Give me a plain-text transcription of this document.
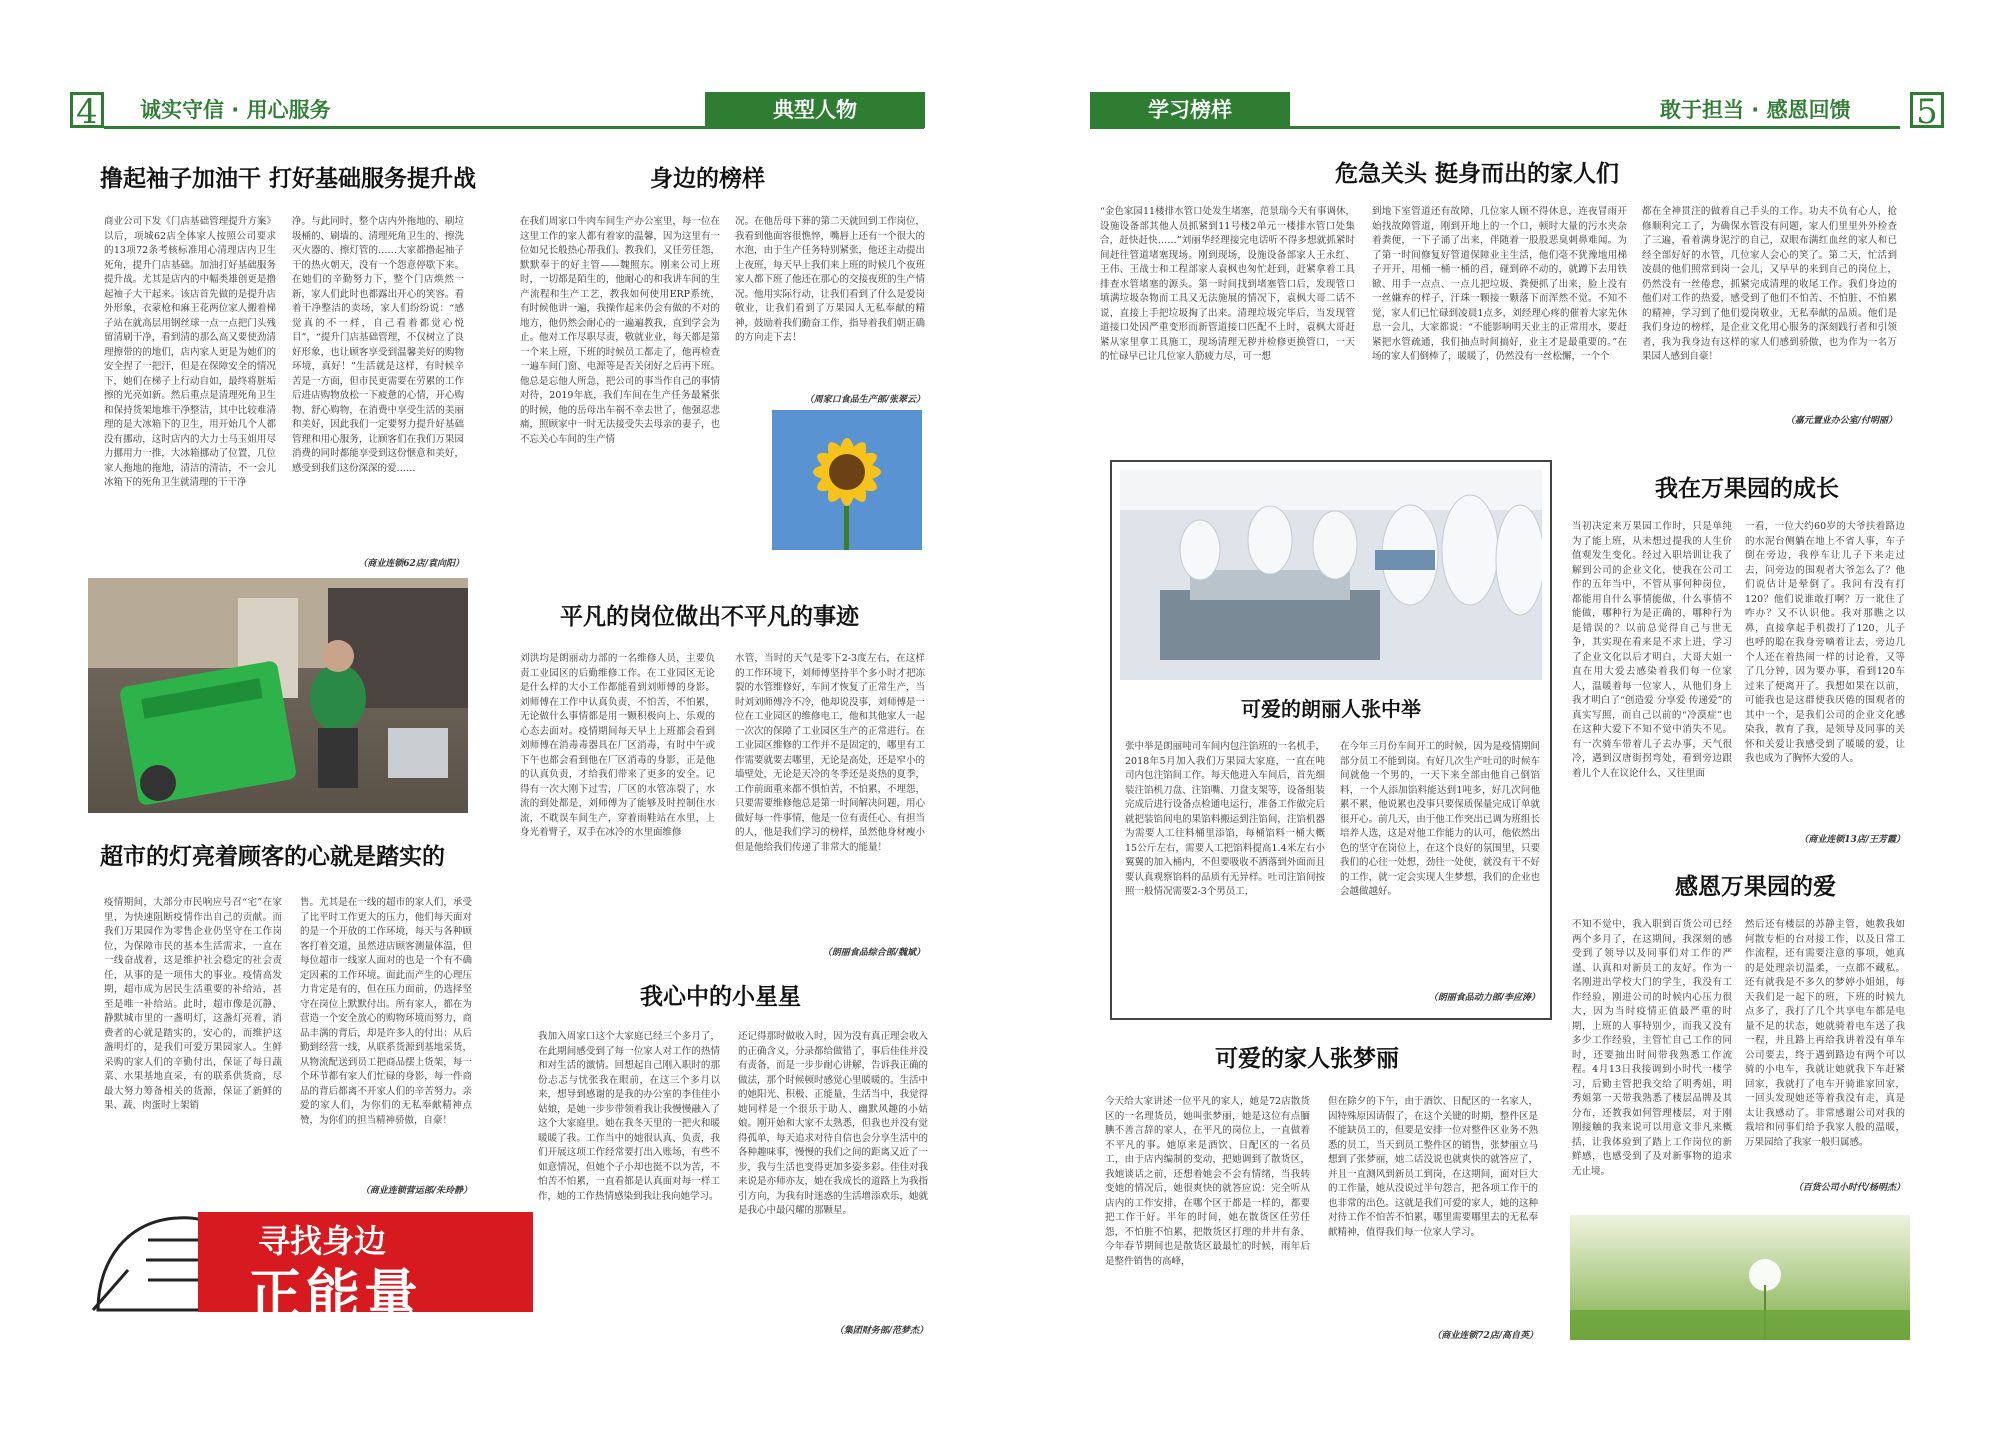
4 诚实守信 · 用心服务	典型人物
撸起袖子加油干 打好基础服务提升战
商业公司下发《门店基础管理提升方案》以后，项城62店全体家人按照公司要求的13项72条考核标准用心清理店内卫生死角，提升门店基础。加油打好基础服务提升战。尤其是店内的中幅类雄创更是撸起袖子大干起来。该店首先做的是提升店外形象，衣蒙枪和麻王花两位家人搬着梯子站在就高层用钢丝球一点一点把门头残留清刷干净，看到清的那么高又要使劲清理擦带的的地们，店内家人更是为她们的安全捏了一把汗，但是在保障安全的情况下，她们在梯子上行动自如，最终将脏垢擦的光亮如新。然后重点是清理死角卫生和保持货架地堆干净整洁，其中比较难清理的是大冰箱下的卫生，用开始几个人都没有挪动，这时店内的大力士马玉姐用尽力挪用力一推，大冰箱挪动了位置，几位家人拖地的拖地，清洁的清洁，不一会儿冰箱下的死角卫生就清理的干干净
净。与此同时，整个店内外拖地的、刷垃圾桶的、刷墙的、清理死角卫生的、擦洗灭火器的、擦灯管的……大家都撸起袖子干的热火朝天，没有一个怨意停歇下来。在她们的辛勤努力下，整个门店焕然一新，家人们此时也都露出开心的笑容。看着干净整洁的卖场，家人们纷纷说：“感觉真的不一样，自己看着都觉心悦目”，“提升门店基础管理，不仅树立了良好形象，也让顾客享受到温馨美好的购物环境，真好！”生活就是这样，有时候辛苦是一方面，但市民更需要在劳累的工作后进店购物放松一下疲惫的心情，开心购物、舒心购物，在消费中享受生活的美丽和美好，因此我们一定要努力提升好基础管理和用心服务，让顾客们在我们万果园消费的同时都能享受到这份惬意和美好，感受到我们这份深深的爱……
（商业连锁62店/袁向阳）
超市的灯亮着顾客的心就是踏实的
疫情期间，大部分市民响应号召“宅”在家里，为快速阻断疫情作出自己的贡献。而我们万果园作为零售企业仍坚守在工作岗位，为保障市民的基本生活需求，一直在一线奋战着，这是维护社会稳定的社会责任，从事的是一项伟大的事业。疫情高发期，超市成为居民生活重要的补给站，甚至是唯一补给站。此时，超市像是沉静、静默城市里的一盏明灯，这盏灯亮着，消费者的心就是踏实的，安心的，而维护这盏明灯的，是我们可爱万果园家人。生鲜采购的家人们的辛勤付出，保证了每日蔬菜、水果基地直采，有的联系供货商，尽最大努力筹备相关的货源，保证了新鲜的果、蔬、肉蛋时上架销
售。尤其是在一线的超市的家人们，承受了比平时工作更大的压力，他们每天面对的是一个开放的工作环境，每天与各种顾客打着交道，虽然进店顾客测量体温，但每位超市一线家人面对的也是一个有不确定因素的工作环境。面此而产生的心理压力肯定是有的，但在压力面前，仍选择坚守在岗位上默默付出。所有家人，都在为营造一个安全放心的购物环境而努力，商品丰满的背后，却是许多人的付出：从后勤到经营一线，从联系货源到基地采货，从物流配送到员工把商品摆上货架，每一个环节都有家人们忙碌的身影，每一件商品的背后都离不开家人们的辛苦努力。亲爱的家人们，为你们的无私奉献精神点赞，为你们的担当精神骄傲，自豪！
（商业连锁营运部/朱玲静）
寻找身边
正能量
身边的榜样
在我们周家口牛肉车间生产办公室里，每一位在这里工作的家人都有着家的温馨，因为这里有一位如兄长般热心帮我们、教我们，又任劳任怨，默默奉于的好主管——魏照东。刚来公司上班时，一切都是陌生的，他耐心的和我讲车间的生产流程和生产工艺，教我如何使用ERP系统，有时候他讲一遍，我操作起来仍会有做的不对的地方，他仍然会耐心的一遍遍教我，直到学会为止。他对工作尽职尽责，敬就业业，每天都是第一个来上班，下班的时候员工都走了，他再检查一遍车间门窗、电源等是否关闭好之后再下班。他总是忘他人所急，把公司的事当作自己的事情对待，2019年底，我们车间在生产任务最紧张的时候，他的岳母出车祸不幸去世了，他强忍悲痛，照顾家中一时无法接受失去母亲的妻子，也不忘关心车间的生产情
况。在他岳母下葬的第二天就回到工作岗位，我看到他面容很憔悴，嘴唇上还有一个很大的水泡，由于生产任务特别紧张，他还主动提出上夜班，每天早上我们来上班的时候几个夜班家人都下班了他还在那心的交接夜班的生产情况。他用实际行动，让我们看到了什么是爱岗敬业，让我们看到了万果园人无私奉献的精神，鼓励着我们勤奋工作，指导着我们朝正确的方向走下去！
（周家口食品生产部/张翠云）
平凡的岗位做出不平凡的事迹
刘洪均是朗丽动力部的一名维修人员，主要负责工业园区的后勤维修工作。在工业园区无论是什么样的大小工作都能看到刘师傅的身影。刘师傅在工作中认真负责，不怕苦，不怕累，无论做什么事情都是用一颗积极向上、乐观的心态去面对。疫情期间每天早上上班都会看到刘师傅在消毒毒器具在厂区消毒，有时中午或下午也都会看到他在厂区消毒的身影，正是他的认真负责，才给我们带来了更多的安全。记得有一次大刚下过雪，厂区的水管冻裂了，水流的到处都是，刘师傅为了能够及时控制住水流，不耽误车间生产，穿着雨鞋站在水里，上身光着臂子，双手在冰冷的水里面维修
水管，当时的天气是零下2-3度左右，在这样的工作环境下，刘师傅坚持半个多小时才把冻裂的水管维修好，车间才恢复了正常生产，当时刘刘师傅冷不冷，他却说没事，刘师傅是一位在工业园区的维修电工，他和其他家人一起一次次的保障了工业园区生产的正常进行。在工业园区维修的工作并不是固定的，哪里有工作需要就要去哪里，无论是高处，还是窄小的墙壁处，无论是天冷的冬季还是炎热的夏季，工作前面重来都不惧怕苦，不怕累，不埋怨，只要需要维修他总是第一时间解决问题，用心做好每一件事情，他是一位有责任心、有担当的人，他是我们学习的榜样，虽然他身材瘦小但是他给我们传递了非常大的能量！
（朗丽食品综合部/魏斌）
我心中的小星星
我加入周家口这个大家庭已经三个多月了，在此期间感受到了每一位家人对工作的热情和对生活的激情。回想起自己刚入职时的那份忐忑与忧张我在眼前，在这三个多月以来，想导到感谢的是我的办公室的李佳佳小姑娘，是她一步步带领着我让我慢慢融入了这个大家庭里。她在我冬天里的一把火和暖暖暖了我。工作当中的她很认真、负责，我们开展这项工作经常要打出入账场，有些不如意情况，但她个子小却也挺不以为苦，不怕苦不怕累，一直看都是认真面对每一样工作，她的工作热情感染到我让我向她学习。
还记得那时做收入时，因为没有真正理会收入的正确含义，分录都给做错了，事后佳佳并没有责备，而是一步步耐心讲解，告诉我正确的做法，那个时候顿时感觉心里暖暖的。生活中的她阳光、积极、正能量，生活当中，我觉得她同样是一个很乐于助人、幽默风趣的小姑娘。刚开始和大家不太熟悉，但我也并没有觉得孤单，每天追求对待自信也会分享生活中的各种趣味事，慢慢的我们之间的距离又近了一步，我与生活也变得更加多姿多彩。佳佳对我来说是亦师亦友，她在我成长的道路上为我指引方向，为我有时迷惑的生活增添欢乐，她就是我心中最闪耀的那颗星。
（集团财务部/范梦杰）
学习榜样	敢于担当 · 感恩回馈 5
危急关头 挺身而出的家人们
“金色家园11楼排水管口处发生堵塞，范景瑞今天有事调休，设施设备部其他人员抓紧到11号楼2单元一楼排水管口处集合，赶快赶快……”刘丽华经理接完电话听不得多想就抓紧时间赶往管道堵塞现场。刚到现场，设施设备部家人王永红、王伟、王战士和工程部家人袁枫也匆忙赶到，赶紧拿着工具排查水管堵塞的源头。第一时间找到堵塞管口后，发现管口填满垃圾杂物而工具又无法施展的情况下，袁枫大哥二话不说，直接上手把垃圾掏了出来。清理垃圾完毕后，当发现管道接口处因严重变形而新管道接口匹配不上时，袁枫大哥赶紧从家里拿工具施工，现场清理无秽并检修更换管口，一天的忙碌早已让几位家人筋疲力尽，可一想
到地下室管道还有故障，几位家人顾不得休息，连夜冒雨开始找故障管道，刚到开地上的一个口，顿时大量的污水夹杂着粪便，一下子涌了出来，伴随着一股股恶臭刺鼻难闻。为了第一时间修复好管道保障业主生活，他们毫不犹豫地用梯子开开，用桶一桶一桶的舀，碰到碎不动的，就蹲下去用铁锨、用手一点点、一点儿把垃圾、粪便抓了出来，脸上没有一丝嫌弃的样子，汗珠一颗接一颗落下而浑然不觉。不知不觉，家人们已忙碌到凌晨1点多，刘经理心疼的催着大家先休息一会儿，大家都说：“不能影响明天业主的正常用水，要赶紧把水管疏通，我们抽点时间搞好，业主才是最重要的。”在场的家人们倒棒了，暖暖了，仍然没有一丝松懈，一个个
都在全神贯注的做着自己手头的工作。功夫不负有心人，抢修顺利完工了，为确保水管没有问题，家人们里里外外检查了三遍，看着满身泥泞的自己，双眼布满红血丝的家人和已经全部好好的水管，几位家人会心的笑了。第二天，忙活到凌晨的他们照常到岗一会儿，又早早的来到自己的岗位上，仍然没有一丝倦怠，抓紧完成清理的收尾工作。我们身边的他们对工作的热爱，感受到了他们不怕苦、不怕脏、不怕累的精神，学习到了他们爱岗敬业，无私奉献的品质。他们是我们身边的榜样，是企业文化用心服务的深刻践行者和引领者，我为我身边有这样的家人们感到骄傲，也为作为一名万果园人感到自豪！
（嘉元置业办公室/付明丽）
可爱的朗丽人张中举
张中举是朗丽吨司车间内包注馅班的一名机手，2018年5月加入我们万果园大家庭，一直在吨司内包注馅间工作。每天他进入车间后，首先细装注馅机刀盘、注馅嘴、刀盘支架等，设备组装完成后进行设备点检通电运行，准备工作做完后就把装馅间电的果馅料搬运到注馅间，注馅机器为需要人工往料桶里添馅，每桶馅料一桶大概15公斤左右，需要人工把馅料提高1.4米左右小翼翼的加入桶内，不但要吸收不洒落到外面而且要认真观察馅料的品质有无异样。吐司注馅间按照一般情况需要2-3个男员工，
在今年三月份车间开工的时候，因为是疫情期间部分员工不能到岗。有好几次生产吐司的时候车间就他一个男的，一天下来全部由他自己倒馅料，一个人添加馅料能达到1吨多，好几次问他累不累，他说累也没事只要保质保量完成订单就很开心。前几天，由于他工作突出已调为班组长培养人选，这是对他工作能力的认可，他依然出色的坚守在岗位上，在这个良好的氛围里，只要我们的心往一处想，劲往一处使，就没有干不好的工作，就一定会实现人生梦想，我们的企业也会越做越好。
（朗丽食品动力部/李应涛）
可爱的家人张梦丽
今天给大家讲述一位平凡的家人，她是72店散货区的一名理货员，她叫张梦丽，她是这位有点腼腆不善言辞的家人，在平凡的岗位上，一直做着不平凡的事。她原来是酒饮、日配区的一名员工，由于店内编制的变动，把她调到了散货区，我她谈话之前，还想着她会不会有情绪，当我转变她的情况后，她很爽快的就答应说：完全听从店内的工作安排，在哪个区干都是一样的，都要把工作干好。半年的时间，她在散货区任劳任怨，不怕脏不怕累，把散货区打理的井井有条，今年春节期间也是散货区最最忙的时候，雨年后是整件销售的高峰，
但在除夕的下午，由于酒饮、日配区的一名家人，因特殊原因请假了，在这个关键的时期，整件区是不能缺员工的，但要是安排一位对整件区业务不熟悉的员工，当天到员工整件区的销售，张梦丽立马想到了张梦丽，她二话没说也就爽快的就答应了，并且一直测风到新员工到岗，在这期间，面对巨大的工作量，她从没说过半句怨言，把各项工作干的也非常的出色。这就是我们可爱的家人，她的这种对待工作不怕苦不怕累，哪里需要哪里去的无私奉献精神，值得我们每一位家人学习。
（商业连锁72店/高自英）
我在万果园的成长
当初决定来万果园工作时，只是单纯为了能上班，从未想过提我的人生价值观发生变化。经过入职培训让我了解到公司的企业文化，使我在公司工作的五年当中，不管从事何种岗位，都能用自什么事情能做，什么事情不能做，哪种行为是正确的，哪种行为是错误的？以前总觉得自己与世无争，其实现在看来是不求上进，学习了企业文化以后才明白，大哥大姐一直在用大爱去感染着我们每一位家人，温暖着每一位家人，从他们身上我才明白了“创造爱 分享爱 传递爱”的真实写照，而自己以前的“冷漠症”也在这种大爱下不知不觉中消失不见。有一次骑车带着儿子去办事，天气很冷，遇到汉唐街拐弯处，看到旁边跟着儿个人在议论什么，又往里面
一看，一位大约60岁的大爷扶着路边的水泥台侧躺在地上不省人事，车子倒在旁边，我停车让儿子下来走过去，问旁边的围观者大爷怎么了？他们说估计是晕倒了。我问有没有打120？他们说谁敢打啊？万一讹住了咋办？又不认识他。我对那瞧之以鼻，直接拿起手机拨打了120，儿子也呼的聪在我身旁嘀着让去，旁边几个人还在着热闹一样的讨论着，又等了几分钟，因为要办事，看到120车过来了便离开了。我想如果在以前，可能我也是这群使我厌倦的围观者的其中一个，是我们公司的企业文化感染我，教育了我，是领导及同事的关怀和关爱让我感受到了暖暖的爱，让我也成为了胸怀大爱的人。
（商业连锁13店/王芳霞）
感恩万果园的爱
不知不觉中，我入职到百货公司已经两个多月了，在这期间，我深刻的感受到了领导以及同事们对工作的严谨、认真和对新员工的友好。作为一名刚进出学校大门的学生，我没有工作经验，刚进公司的时候内心压力很大，因为当时疫情正值最严重的时期，上班的人事特别少，而我又没有多少工作经验，主管忙自己工作的同时，还要抽出时间带我熟悉工作流程。4月13日我接调到小时代一楼学习，后勤主管把我交给了明秀姐，明秀姐第一天带我熟悉了楼层品牌及其分布，还教我如何管理楼层，对于刚刚接触的我来说可以用意文非凡来概括，让我体验到了踏上工作岗位的新鲜感，也感受到了及对新事物的追求无止境。
然后还有楼层的苏静主管，她教我如何散专柜的台对接工作，以及日常工作流程，还有需要注意的事项，她真的是处理亲切温柔，一点都不藏私。还有就我是不多久的梦婷小姐姐，每天我们是一起下的班，下班的时候九点多了，我打了几个共享电车都是电量不足的状态，她就骑着电车送了我一程，并且路上再给我讲着没有单车公司要去，终于遇到路边有两个可以骑的小电车，我就让她就我下车赶紧回家，我就打了电车开骑谁家回家，一回头发现她还等着我没有走，真是太让我感动了。非常感谢公司对我的栽培和同事们给予我家人般的温暖，万果园给了我家一般归属感。
（百货公司小时代/杨明杰）
